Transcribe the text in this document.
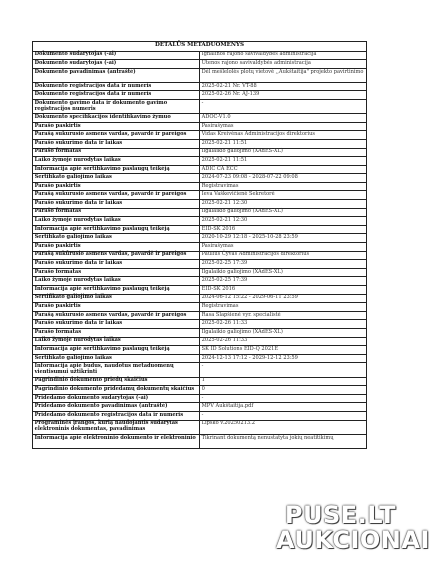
DETALŪS METADUOMENYS	
Dokumento sudarytojas (-ai)	Ignalinos rajono savivaldybės administracija
Dokumento sudarytojas (-ai)	Utenos rajono savivaldybės administracija
Dokumento pavadinimas (antraštė)	Dėl mešlelolės plotų vietovė ,,Aukštaitija" projekto pavirtinimo
Dokumento registracijos data ir numeris	2025-02-21 Nr. VT-88
Dokumento registracijos data ir numeris	2025-02-26 Nr. AJ-139
Dokumento gavimo data ir dokumento gavimo registracijos numeris	-
Dokumento specifikacijos identifikavimo žymuo	ADOC-V1.0
Parašo paskirtis	Pasirašymas
Parašą sukūrusio asmens vardas, pavardė ir pareigos	Vidas Kreivėnas Administracijos direktorius
Parašo sukūrimo data ir laikas	2025-02-21 11:51
Parašo formatas	Ilgalaikio galiojimo (XAdES-XL)
Laiko žymoje nurodytas laikas	2025-02-21 11:51
Informacija apie sertifikavimo paslaugų teikėją	ADIC CA ECC
Sertifikato galiojimo laikas	2024-07-23 09:08 - 2028-07-22 09:08
Parašo paskirtis	Registravimas
Parašą sukūrusio asmens vardas, pavardė ir pareigos	Ieva Vaškevičienė Sekretorė
Parašo sukūrimo data ir laikas	2025-02-21 12:30
Parašo formatas	Ilgalaikio galiojimo (XAdES-XL)
Laiko žymoje nurodytas laikas	2025-02-21 12:30
Informacija apie sertifikavimo paslaugų teikėją	EID-SK 2016
Sertifikato galiojimo laikas	2020-10-29 12:18 - 2025-10-28 23:59
Parašo paskirtis	Pasirašymas
Parašą sukūrusio asmens vardas, pavardė ir pareigos	Paulius Čyvas Administracijos direktorius
Parašo sukūrimo data ir laikas	2025-02-25 17:39
Parašo formatas	Ilgalaikio galiojimo (XAdES-XL)
Laiko žymoje nurodytas laikas	2025-02-25 17:39
Informacija apie sertifikavimo paslaugų teikėją	EID-SK 2016
Sertifikato galiojimo laikas	2024-06-12 15:22 - 2029-06-11 23:59
Parašo paskirtis	Registravimas
Parašą sukūrusio asmens vardas, pavardė ir pareigos	Rasa Slapšienė vyr. specialistė
Parašo sukūrimo data ir laikas	2025-02-26 11:33
Parašo formatas	Ilgalaikio galiojimo (XAdES-XL)
Laiko žymoje nurodytas laikas	2025-02-26 11:33
Informacija apie sertifikavimo paslaugų teikėją	SK ID Solutions EID-Q 2021E
Sertifikato galiojimo laikas	2024-12-13 17:12 - 2029-12-12 23:59
Informacija apie būdus, naudotus metaduomenų vientisumui užtikrinti	-
Pagrindinio dokumento priedų skaičius	1
Pagrindinio dokumento pridedamų dokumentų skaičius	0
Pridedamo dokumento sudarytojas (-ai)	-
Pridedamo dokumento pavadinimas (antraštė)	MPV Aukštaitija.pdf
Pridedamo dokumento registracijos data ir numeris	-
Programinės įrangos, kurią naudojantis sudarytas elektroninis dokumentas, pavadinimas	Lipsko v.20250213.2
Informacija apie elektroninio dokumento ir elektroninio	Tikrinant dokumentą nenustatyta jokių neatitikimų
PUSE.LT
AUKCIONAI
